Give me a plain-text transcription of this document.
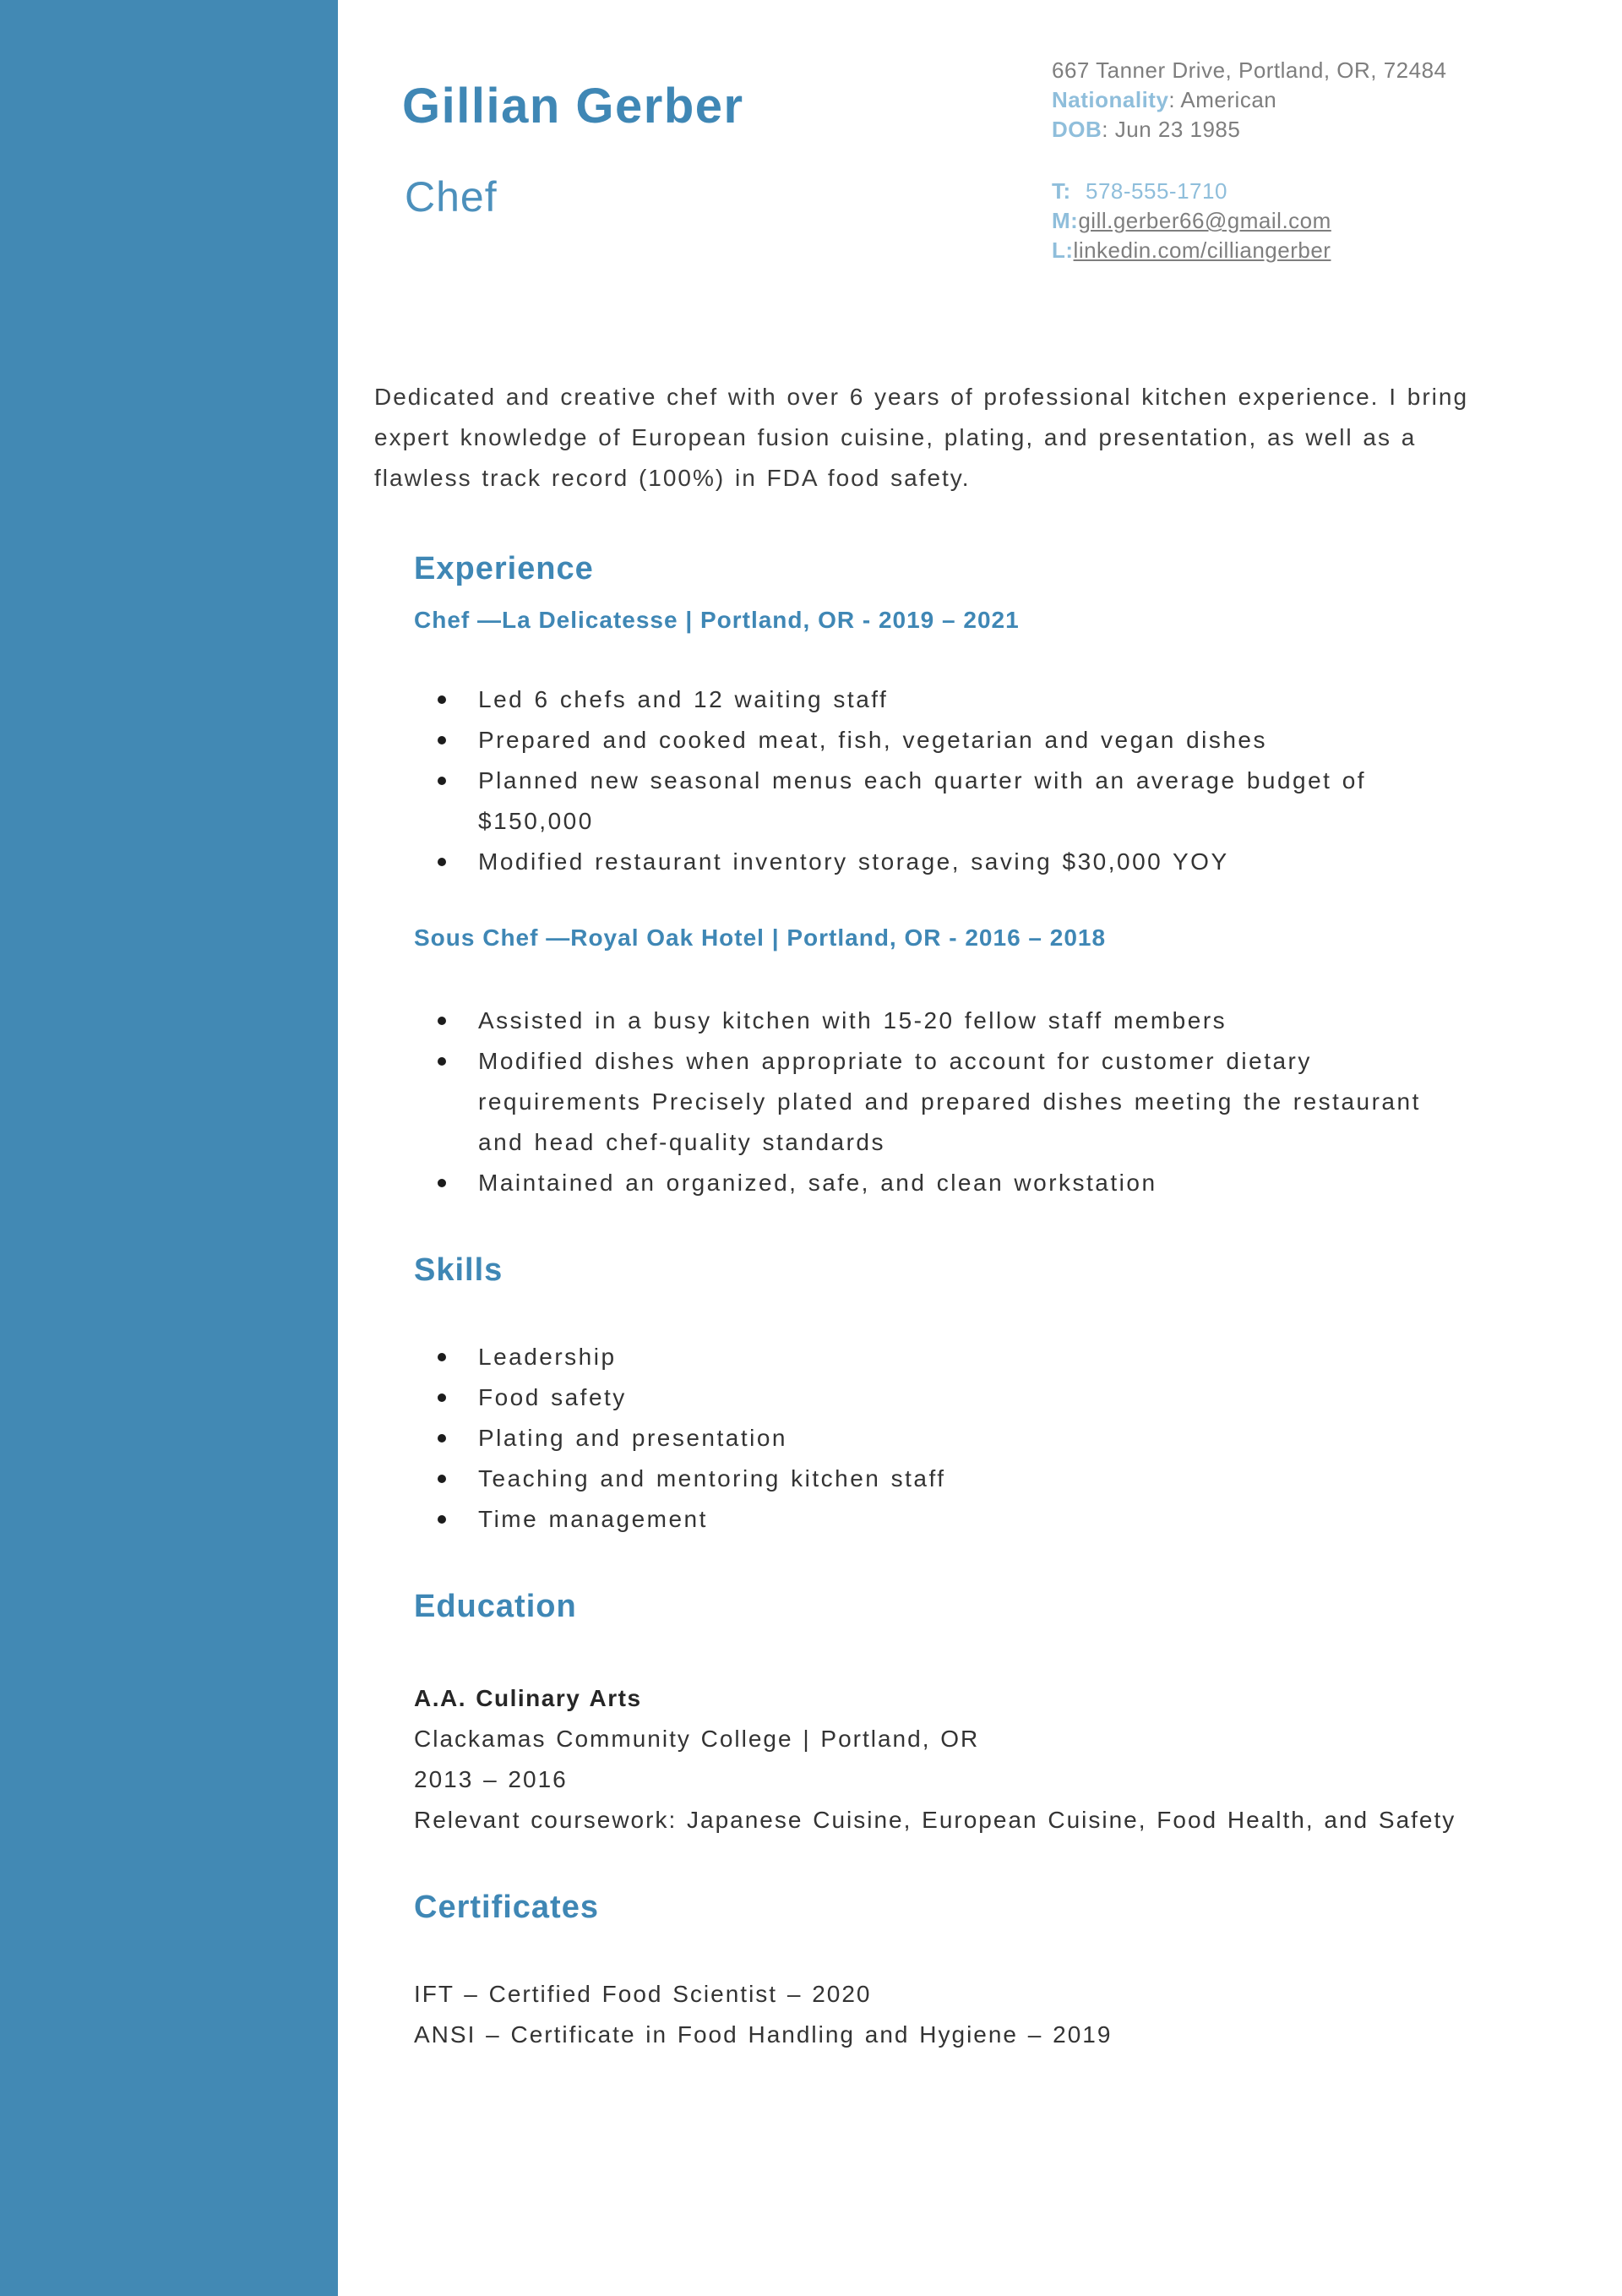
Gillian Gerber
Chef
667 Tanner Drive, Portland, OR, 72484
Nationality: American
DOB: Jun 23 1985
T: 578-555-1710
M:gill.gerber66@gmail.com
L:linkedin.com/cilliangerber

Dedicated and creative chef with over 6 years of professional kitchen experience. I bring expert knowledge of European fusion cuisine, plating, and presentation, as well as a flawless track record (100%) in FDA food safety.

Experience
Chef —La Delicatesse | Portland, OR - 2019 – 2021
Led 6 chefs and 12 waiting staff
Prepared and cooked meat, fish, vegetarian and vegan dishes
Planned new seasonal menus each quarter with an average budget of $150,000
Modified restaurant inventory storage, saving $30,000 YOY
Sous Chef —Royal Oak Hotel | Portland, OR - 2016 – 2018
Assisted in a busy kitchen with 15-20 fellow staff members
Modified dishes when appropriate to account for customer dietary requirements Precisely plated and prepared dishes meeting the restaurant and head chef-quality standards
Maintained an organized, safe, and clean workstation
Skills
Leadership
Food safety
Plating and presentation
Teaching and mentoring kitchen staff
Time management
Education
A.A. Culinary Arts
Clackamas Community College | Portland, OR
2013 – 2016
Relevant coursework: Japanese Cuisine, European Cuisine, Food Health, and Safety
Certificates
IFT – Certified Food Scientist – 2020
ANSI – Certificate in Food Handling and Hygiene – 2019
